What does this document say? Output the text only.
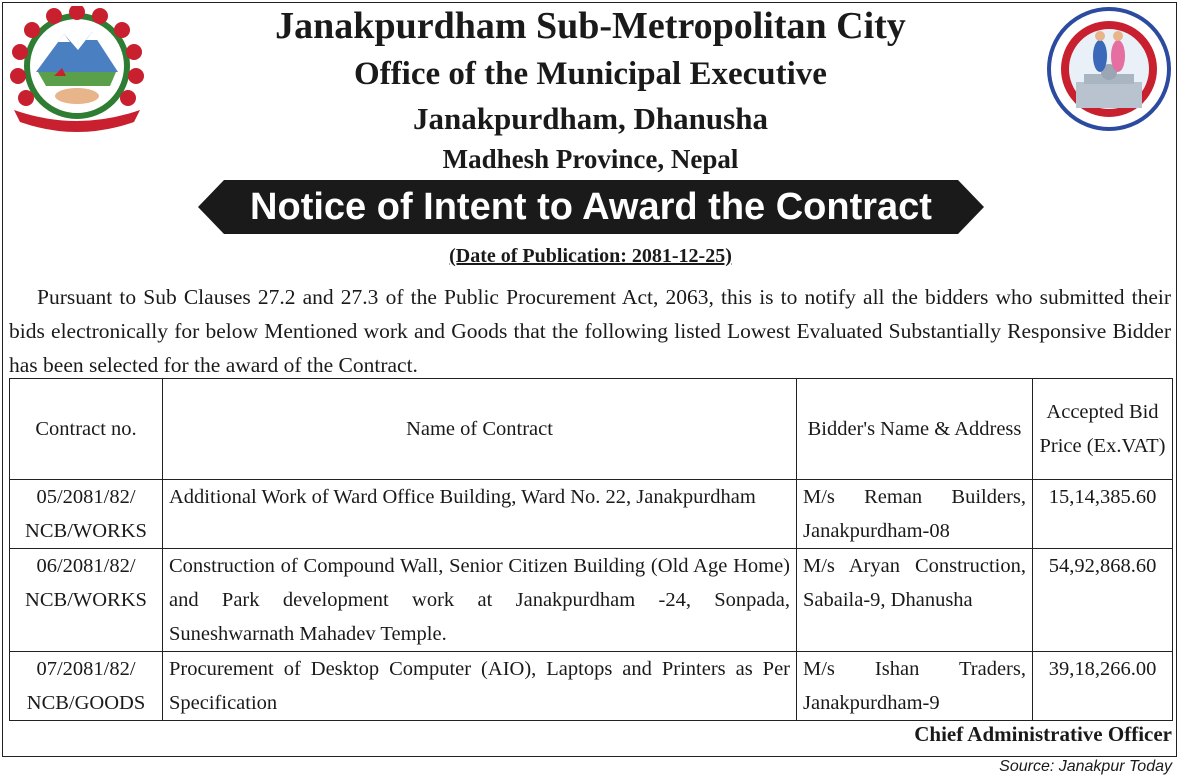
Janakpurdham Sub-Metropolitan City
Office of the Municipal Executive
Janakpurdham, Dhanusha
Madhesh Province, Nepal
Notice of Intent to Award the Contract
(Date of Publication: 2081-12-25)
Pursuant to Sub Clauses 27.2 and 27.3 of the Public Procurement Act, 2063, this is to notify all the bidders who submitted their bids electronically for below Mentioned work and Goods that the following listed Lowest Evaluated Substantially Responsive Bidder has been selected for the award of the Contract.
Contract no.	Name of Contract	Bidder's Name & Address	Accepted Bid Price (Ex.VAT)
05/2081/82/ NCB/WORKS	Additional Work of Ward Office Building, Ward No. 22, Janakpurdham	M/s Reman Builders, Janakpurdham-08	15,14,385.60
06/2081/82/ NCB/WORKS	Construction of Compound Wall, Senior Citizen Building (Old Age Home) and Park development work at Janakpurdham -24, Sonpada, Suneshwarnath Mahadev Temple.	M/s Aryan Construction, Sabaila-9, Dhanusha	54,92,868.60
07/2081/82/ NCB/GOODS	Procurement of Desktop Computer (AIO), Laptops and Printers as Per Specification	M/s Ishan Traders, Janakpurdham-9	39,18,266.00
Chief Administrative Officer
Source: Janakpur Today
